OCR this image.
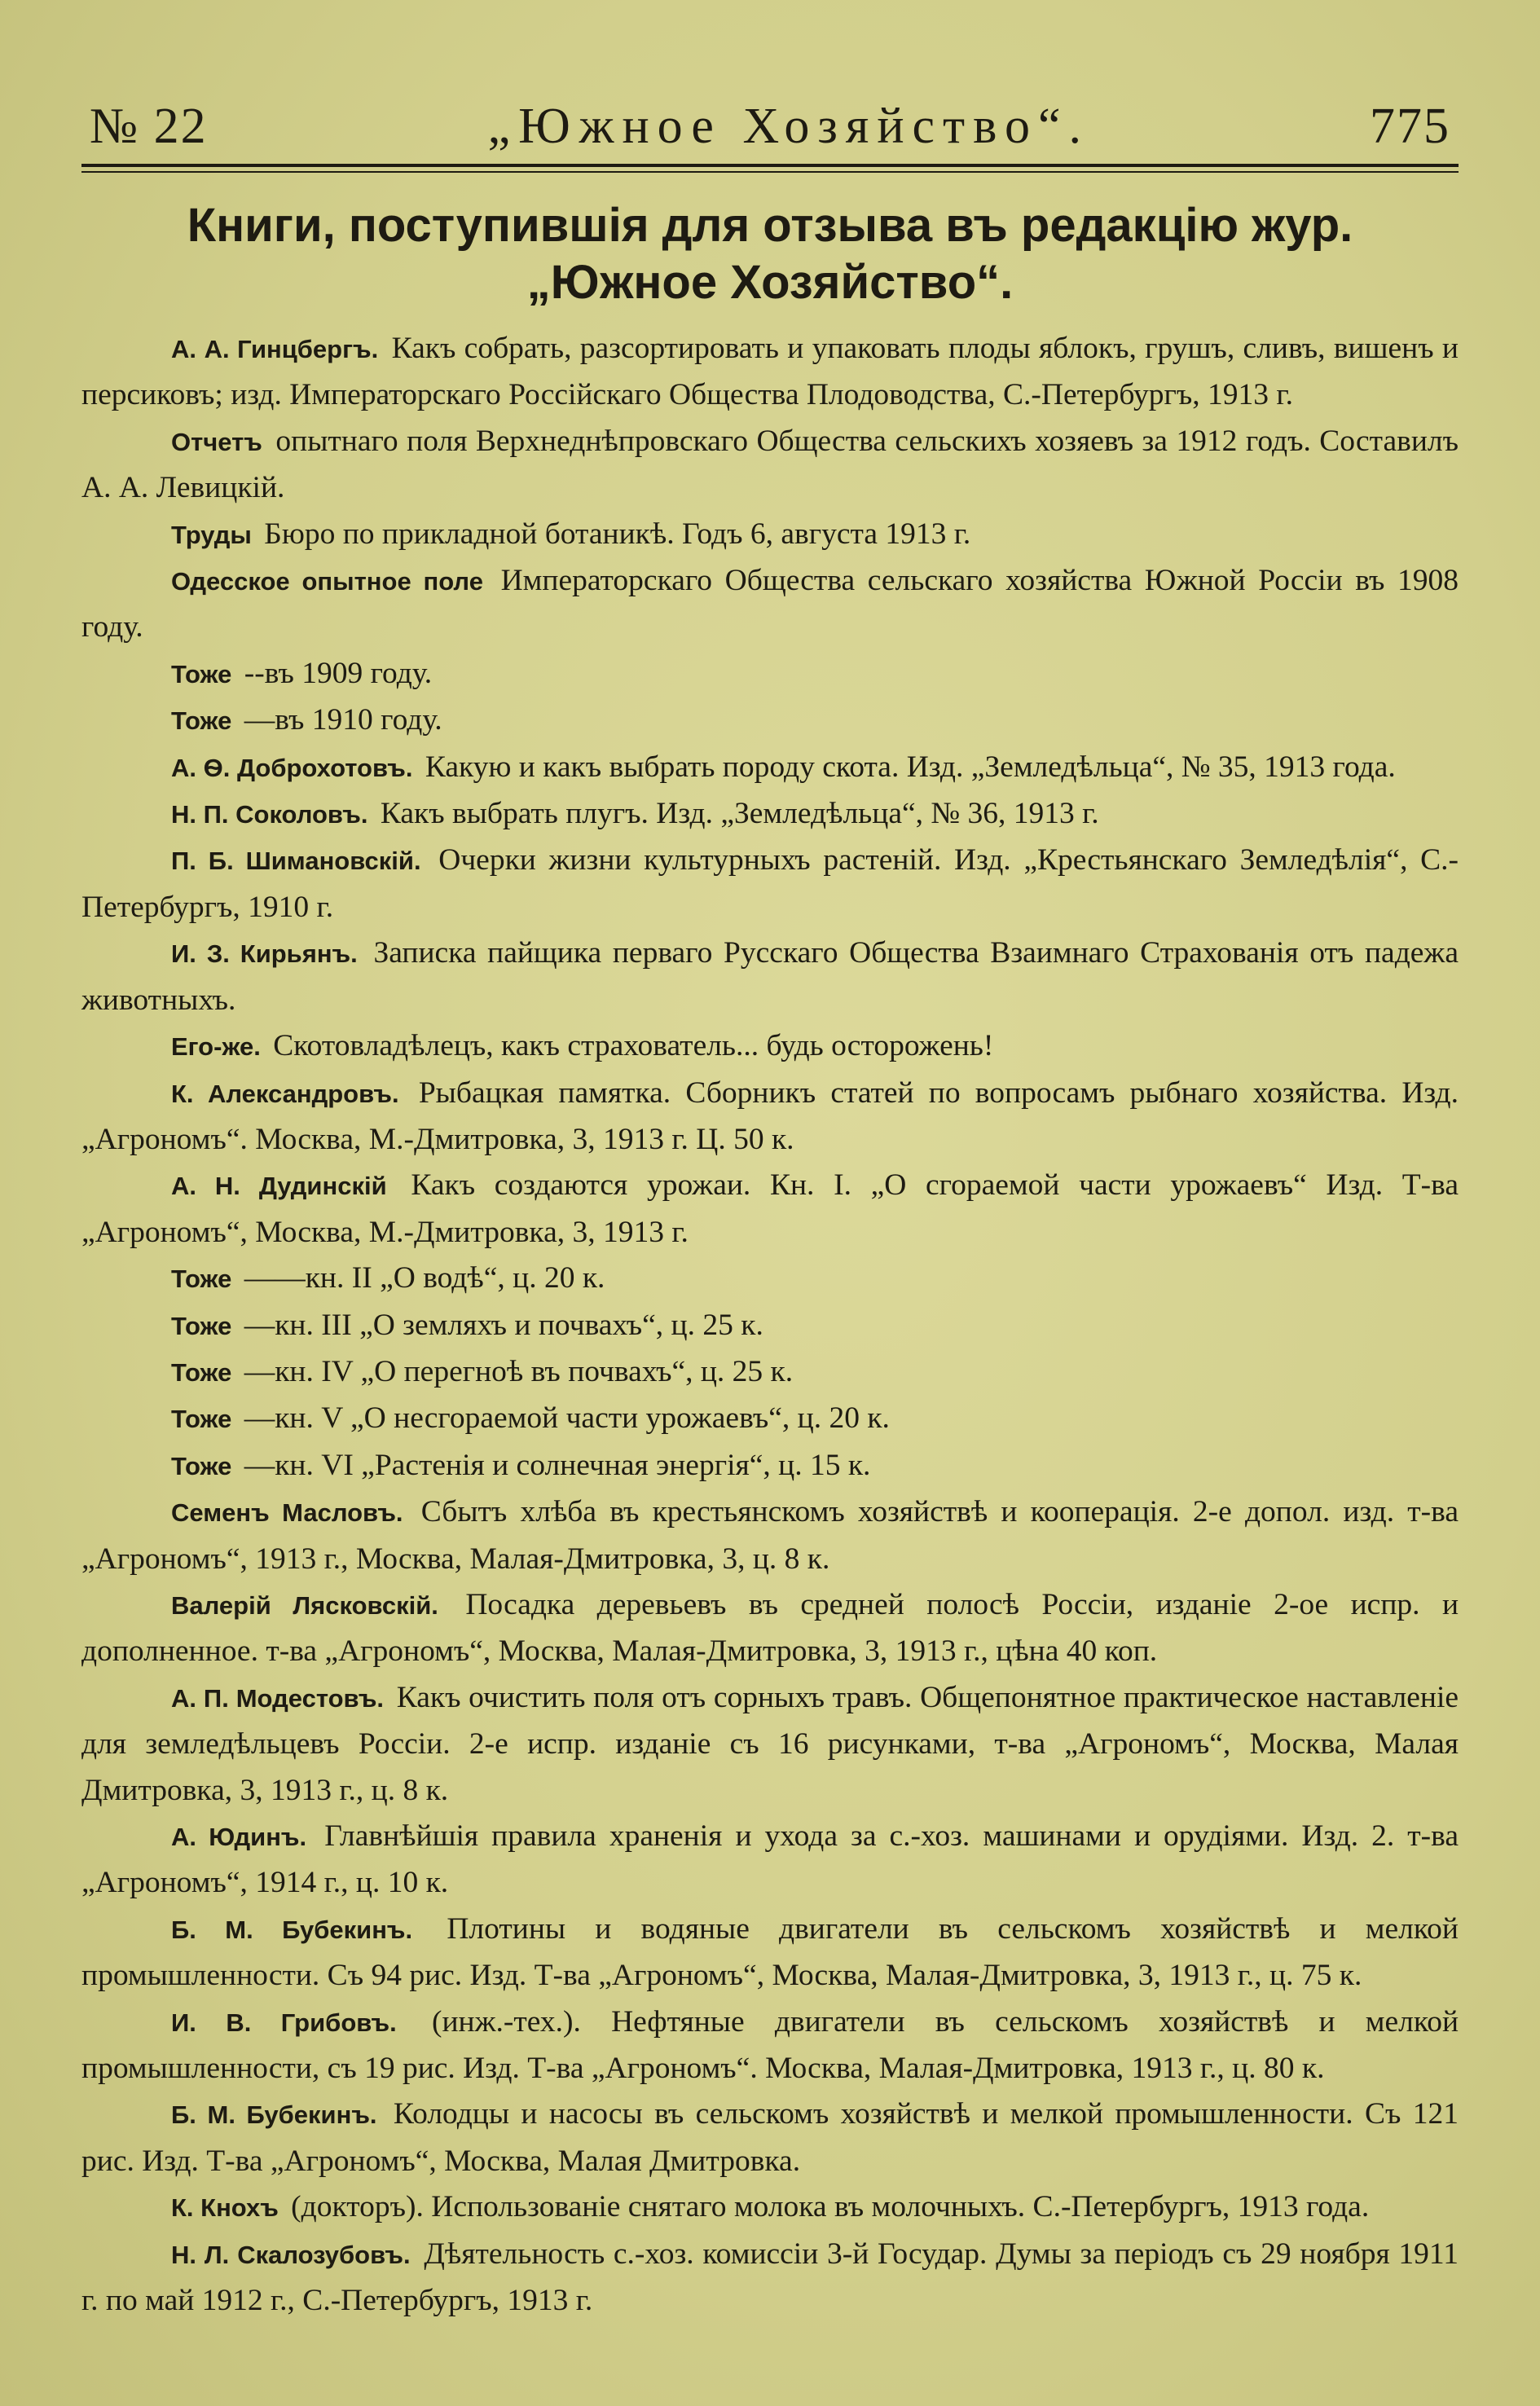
№ 22	„Южное Хозяйство“.	775
Книги, поступившія для отзыва въ редакцію жур.
„Южное Хозяйство“.

А. А. Гинцбергъ. Какъ собрать, разсортировать и упаковать плоды яблокъ, грушъ, сливъ, вишенъ и персиковъ; изд. Императорскаго Россійскаго Общества Плодоводства, С.-Петербургъ, 1913 г.

Отчетъ опытнаго поля Верхнеднѣпровскаго Общества сельскихъ хозяевъ за 1912 годъ. Составилъ А. А. Левицкій.

Труды Бюро по прикладной ботаникѣ. Годъ 6, августа 1913 г.

Одесское опытное поле Императорскаго Общества сельскаго хозяйства Южной Россіи въ 1908 году.

Тоже --въ 1909 году.

Тоже —въ 1910 году.

А. Ѳ. Доброхотовъ. Какую и какъ выбрать породу скота. Изд. „Земледѣльца“, № 35, 1913 года.

Н. П. Соколовъ. Какъ выбрать плугъ. Изд. „Земледѣльца“, № 36, 1913 г.

П. Б. Шимановскій. Очерки жизни культурныхъ растеній. Изд. „Крестьянскаго Земледѣлія“, С.-Петербургъ, 1910 г.

И. З. Кирьянъ. Записка пайщика перваго Русскаго Общества Взаимнаго Страхованія отъ падежа животныхъ.

Его-же. Скотовладѣлецъ, какъ страхователь... будь осторожень!

К. Александровъ. Рыбацкая памятка. Сборникъ статей по вопросамъ рыбнаго хозяйства. Изд. „Агрономъ“. Москва, М.-Дмитровка, 3, 1913 г. Ц. 50 к.

А. Н. Дудинскій Какъ создаются урожаи. Кн. I. „О сгораемой части урожаевъ“ Изд. Т-ва „Агрономъ“, Москва, М.-Дмитровка, 3, 1913 г.

Тоже ——кн. II „О водѣ“, ц. 20 к.

Тоже —кн. III „О земляхъ и почвахъ“, ц. 25 к.

Тоже —кн. IV „О перегноѣ въ почвахъ“, ц. 25 к.

Тоже —кн. V „О несгораемой части урожаевъ“, ц. 20 к.

Тоже —кн. VI „Растенія и солнечная энергія“, ц. 15 к.

Семенъ Масловъ. Сбытъ хлѣба въ крестьянскомъ хозяйствѣ и кооперація. 2-е допол. изд. т-ва „Агрономъ“, 1913 г., Москва, Малая-Дмитровка, 3, ц. 8 к.

Валерій Лясковскій. Посадка деревьевъ въ средней полосѣ Россіи, изданіе 2-ое испр. и дополненное. т-ва „Агрономъ“, Москва, Малая-Дмитровка, 3, 1913 г., цѣна 40 коп.

А. П. Модестовъ. Какъ очистить поля отъ сорныхъ травъ. Общепонятное практическое наставленіе для земледѣльцевъ Россіи. 2-е испр. изданіе съ 16 рисунками, т-ва „Агрономъ“, Москва, Малая Дмитровка, 3, 1913 г., ц. 8 к.

А. Юдинъ. Главнѣйшія правила храненія и ухода за с.-хоз. машинами и орудіями. Изд. 2. т-ва „Агрономъ“, 1914 г., ц. 10 к.

Б. М. Бубекинъ. Плотины и водяные двигатели въ сельскомъ хозяйствѣ и мелкой промышленности. Съ 94 рис. Изд. Т-ва „Агрономъ“, Москва, Малая-Дмитровка, 3, 1913 г., ц. 75 к.

И. В. Грибовъ. (инж.-тех.). Нефтяные двигатели въ сельскомъ хозяйствѣ и мелкой промышленности, съ 19 рис. Изд. Т-ва „Агрономъ“. Москва, Малая-Дмитровка, 1913 г., ц. 80 к.

Б. М. Бубекинъ. Колодцы и насосы въ сельскомъ хозяйствѣ и мелкой промышленности. Съ 121 рис. Изд. Т-ва „Агрономъ“, Москва, Малая Дмитровка.

К. Кнохъ (докторъ). Использованіе снятаго молока въ молочныхъ. С.-Петербургъ, 1913 года.

Н. Л. Скалозубовъ. Дѣятельность с.-хоз. комиссіи 3-й Государ. Думы за періодъ съ 29 ноября 1911 г. по май 1912 г., С.-Петербургъ, 1913 г.
